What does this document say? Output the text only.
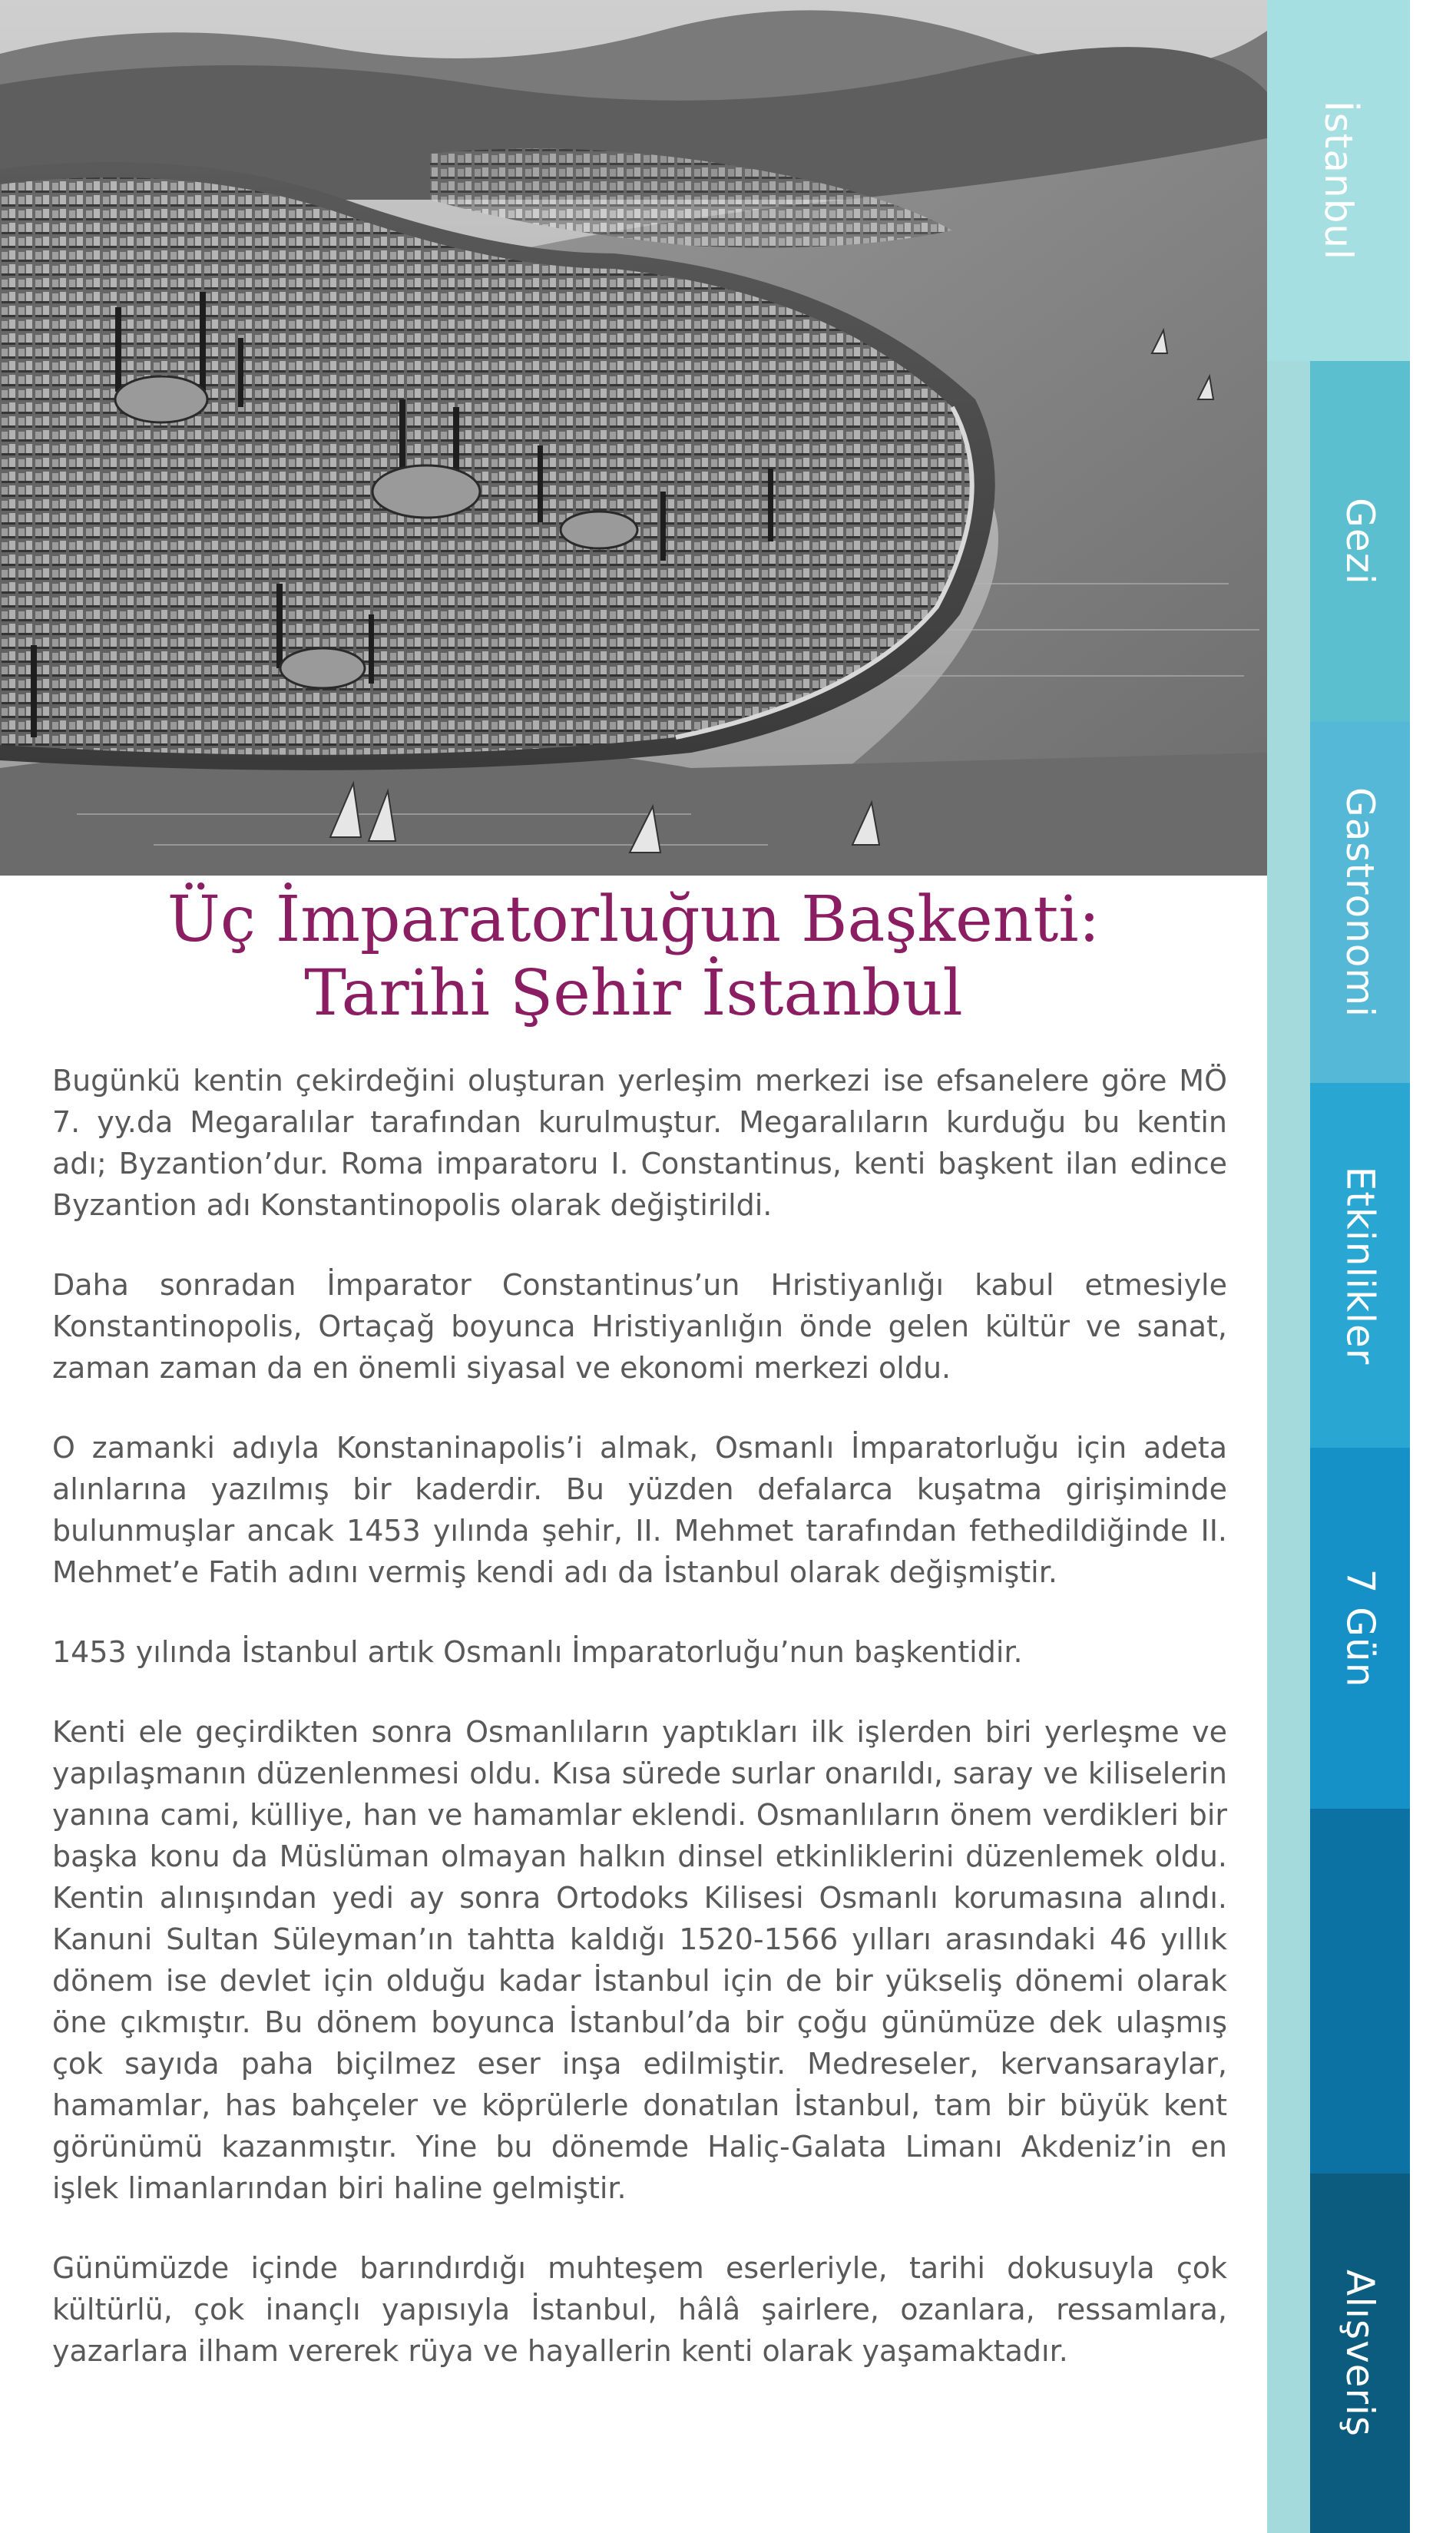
İstanbul
Gezi
Gastronomi
Etkinlikler
7 Gün
Alışveriş
❯
Üç İmparatorluğun Başkenti:
Tarihi Şehir İstanbul

Bugünkü kentin çekirdeğini oluşturan yerleşim merkezi ise efsanelere göre MÖ 7. yy.da Megaralılar tarafından kurulmuştur. Megaralıların kurduğu bu kentin adı; Byzantion’dur. Roma imparatoru I. Constantinus, kenti başkent ilan edince Byzantion adı Konstantinopolis olarak değiştirildi.

Daha sonradan İmparator Constantinus’un Hristiyanlığı kabul etmesiyle Konstantinopolis, Ortaçağ boyunca Hristiyanlığın önde gelen kültür ve sanat, zaman zaman da en önemli siyasal ve ekonomi merkezi oldu.

O zamanki adıyla Konstaninapolis’i almak, Osmanlı İmparatorluğu için adeta alınlarına yazılmış bir kaderdir. Bu yüzden defalarca kuşatma girişiminde bulunmuşlar ancak 1453 yılında şehir, II. Mehmet tarafından fethedildiğinde II. Mehmet’e Fatih adını vermiş kendi adı da İstanbul olarak değişmiştir.

1453 yılında İstanbul artık Osmanlı İmparatorluğu’nun başkentidir.

Kenti ele geçirdikten sonra Osmanlıların yaptıkları ilk işlerden biri yerleşme ve yapılaşmanın düzenlenmesi oldu. Kısa sürede surlar onarıldı, saray ve kiliselerin yanına cami, külliye, han ve hamamlar eklendi. Osmanlıların önem verdikleri bir başka konu da Müslüman olmayan halkın dinsel etkinliklerini düzenlemek oldu. Kentin alınışından yedi ay sonra Ortodoks Kilisesi Osmanlı korumasına alındı. Kanuni Sultan Süleyman’ın tahtta kaldığı 1520-1566 yılları arasındaki 46 yıllık dönem ise devlet için olduğu kadar İstanbul için de bir yükseliş dönemi olarak öne çıkmıştır. Bu dönem boyunca İstanbul’da bir çoğu günümüze dek ulaşmış çok sayıda paha biçilmez eser inşa edilmiştir. Medreseler, kervansaraylar, hamamlar, has bahçeler ve köprülerle donatılan İstanbul, tam bir büyük kent görünümü kazanmıştır. Yine bu dönemde Haliç-Galata Limanı Akdeniz’in en işlek limanlarından biri haline gelmiştir.

Günümüzde içinde barındırdığı muhteşem eserleriyle, tarihi dokusuyla çok kültürlü, çok inançlı yapısıyla İstanbul, hâlâ şairlere, ozanlara, ressamlara, yazarlara ilham vererek rüya ve hayallerin kenti olarak yaşamaktadır.
